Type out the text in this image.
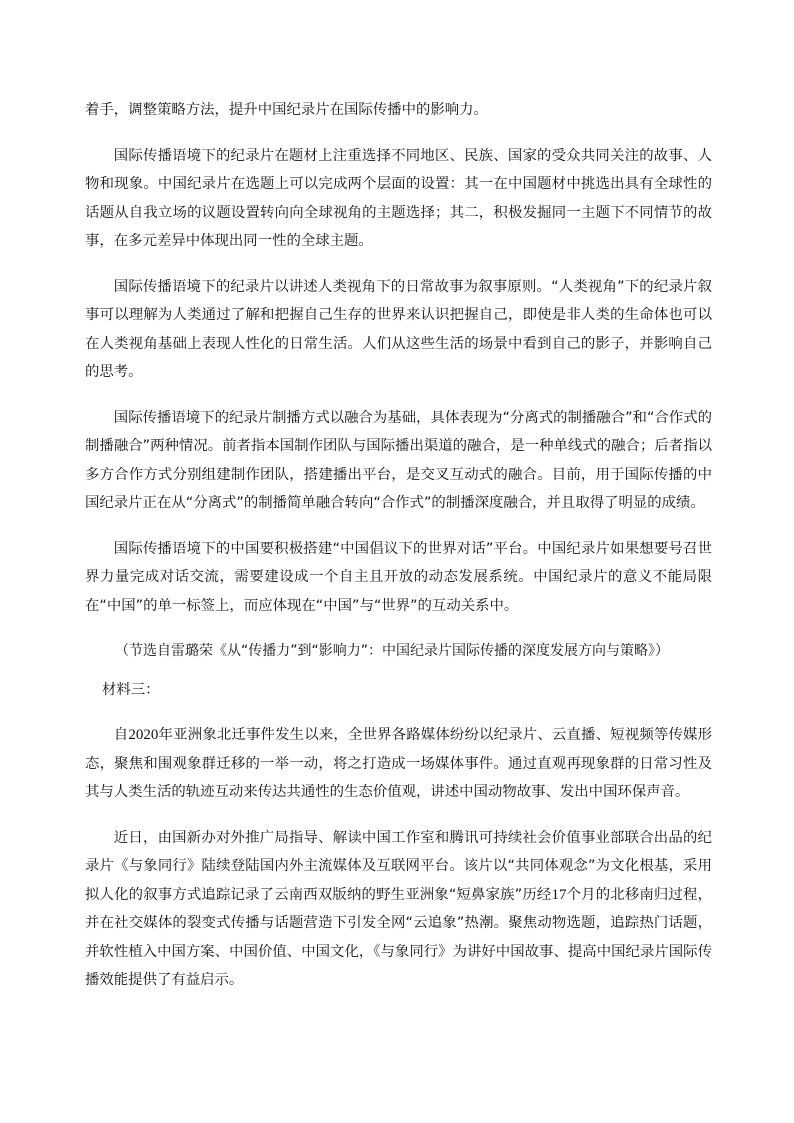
着手，调整策略方法，提升中国纪录片在国际传播中的影响力。

国际传播语境下的纪录片在题材上注重选择不同地区、民族、国家的受众共同关注的故事、人物和现象。中国纪录片在选题上可以完成两个层面的设置：其一在中国题材中挑选出具有全球性的话题从自我立场的议题设置转向向全球视角的主题选择；其二，积极发掘同一主题下不同情节的故事，在多元差异中体现出同一性的全球主题。

国际传播语境下的纪录片以讲述人类视角下的日常故事为叙事原则。“人类视角”下的纪录片叙事可以理解为人类通过了解和把握自己生存的世界来认识把握自己，即使是非人类的生命体也可以在人类视角基础上表现人性化的日常生活。人们从这些生活的场景中看到自己的影子，并影响自己的思考。

国际传播语境下的纪录片制播方式以融合为基础，具体表现为“分离式的制播融合”和“合作式的制播融合”两种情况。前者指本国制作团队与国际播出渠道的融合，是一种单线式的融合；后者指以多方合作方式分别组建制作团队，搭建播出平台，是交叉互动式的融合。目前，用于国际传播的中国纪录片正在从“分离式”的制播简单融合转向“合作式”的制播深度融合，并且取得了明显的成绩。

国际传播语境下的中国要积极搭建“中国倡议下的世界对话”平台。中国纪录片如果想要号召世界力量完成对话交流，需要建设成一个自主且开放的动态发展系统。中国纪录片的意义不能局限在“中国”的单一标签上，而应体现在“中国”与“世界”的互动关系中。

（节选自雷璐荣《从“传播力”到“影响力”：中国纪录片国际传播的深度发展方向与策略》）

材料三：

自2020年亚洲象北迁事件发生以来，全世界各路媒体纷纷以纪录片、云直播、短视频等传媒形态，聚焦和围观象群迁移的一举一动，将之打造成一场媒体事件。通过直观再现象群的日常习性及其与人类生活的轨迹互动来传达共通性的生态价值观，讲述中国动物故事、发出中国环保声音。

近日，由国新办对外推广局指导、解读中国工作室和腾讯可持续社会价值事业部联合出品的纪录片《与象同行》陆续登陆国内外主流媒体及互联网平台。该片以“共同体观念”为文化根基，采用拟人化的叙事方式追踪记录了云南西双版纳的野生亚洲象“短鼻家族”历经17个月的北移南归过程，并在社交媒体的裂变式传播与话题营造下引发全网“云追象”热潮。聚焦动物选题，追踪热门话题，并软性植入中国方案、中国价值、中国文化，《与象同行》为讲好中国故事、提高中国纪录片国际传播效能提供了有益启示。
